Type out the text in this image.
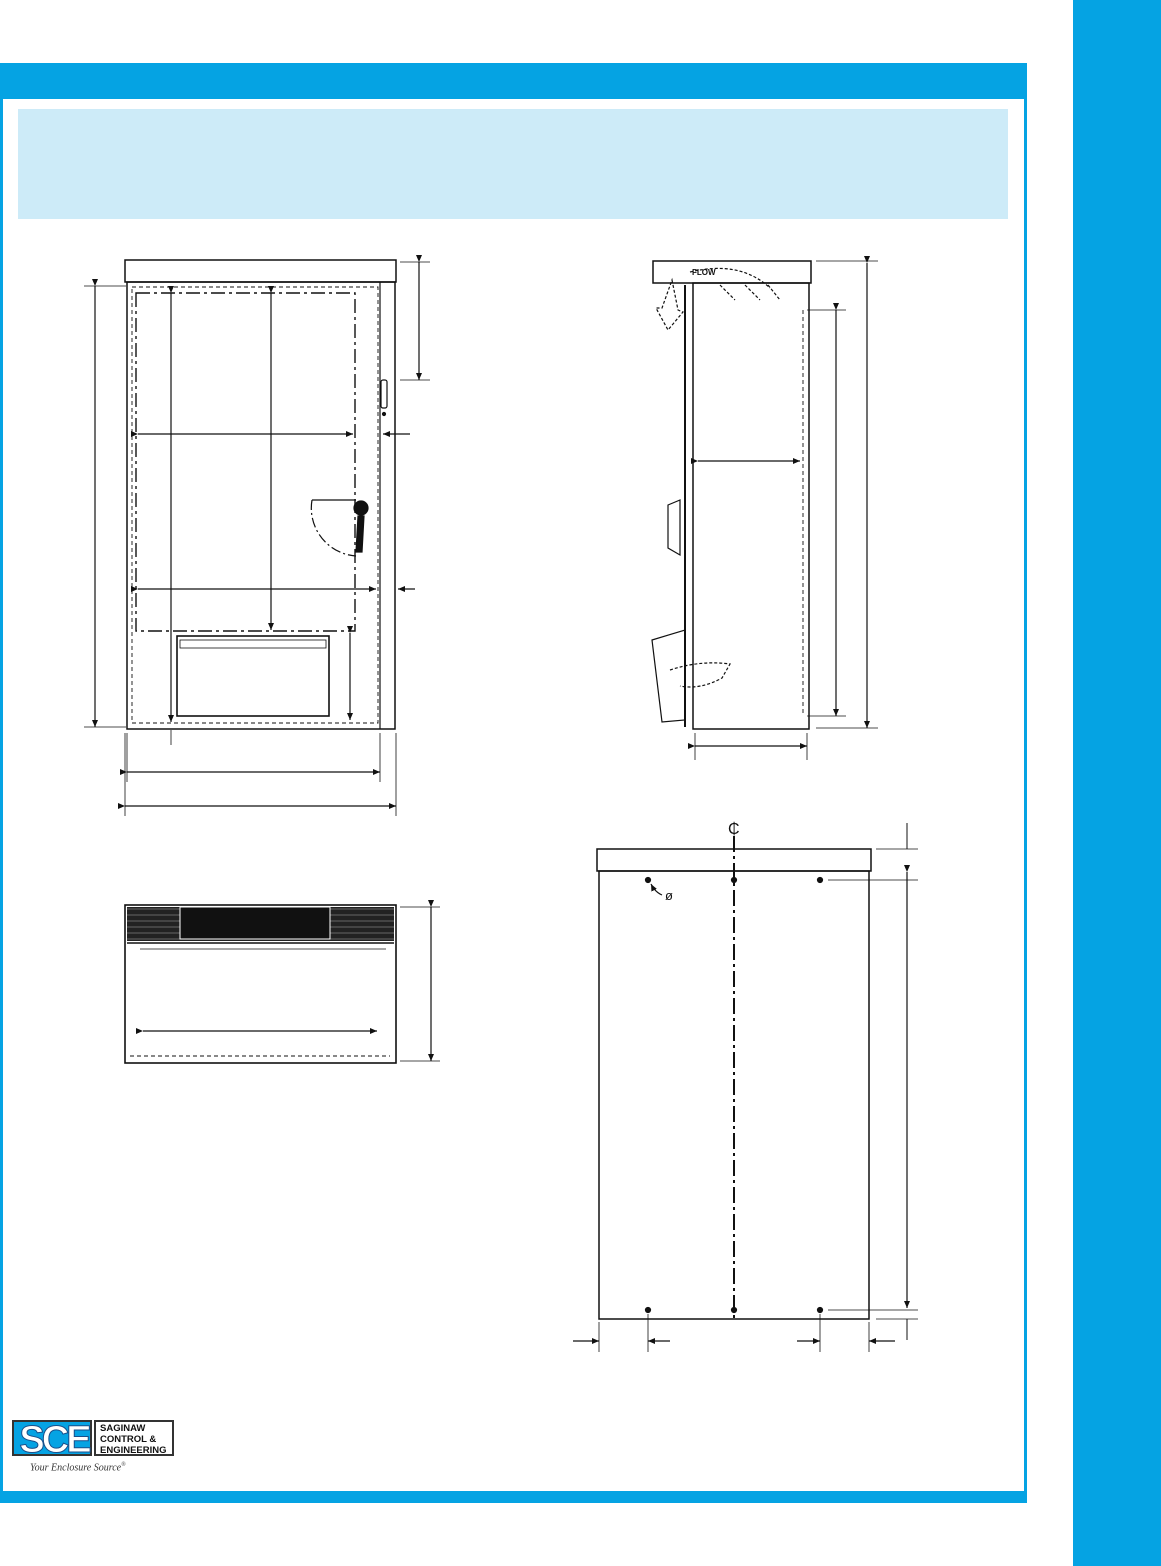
FLOW
ø
₵
SCE	SAGINAW
CONTROL &
ENGINEERING
Your Enclosure Source®
